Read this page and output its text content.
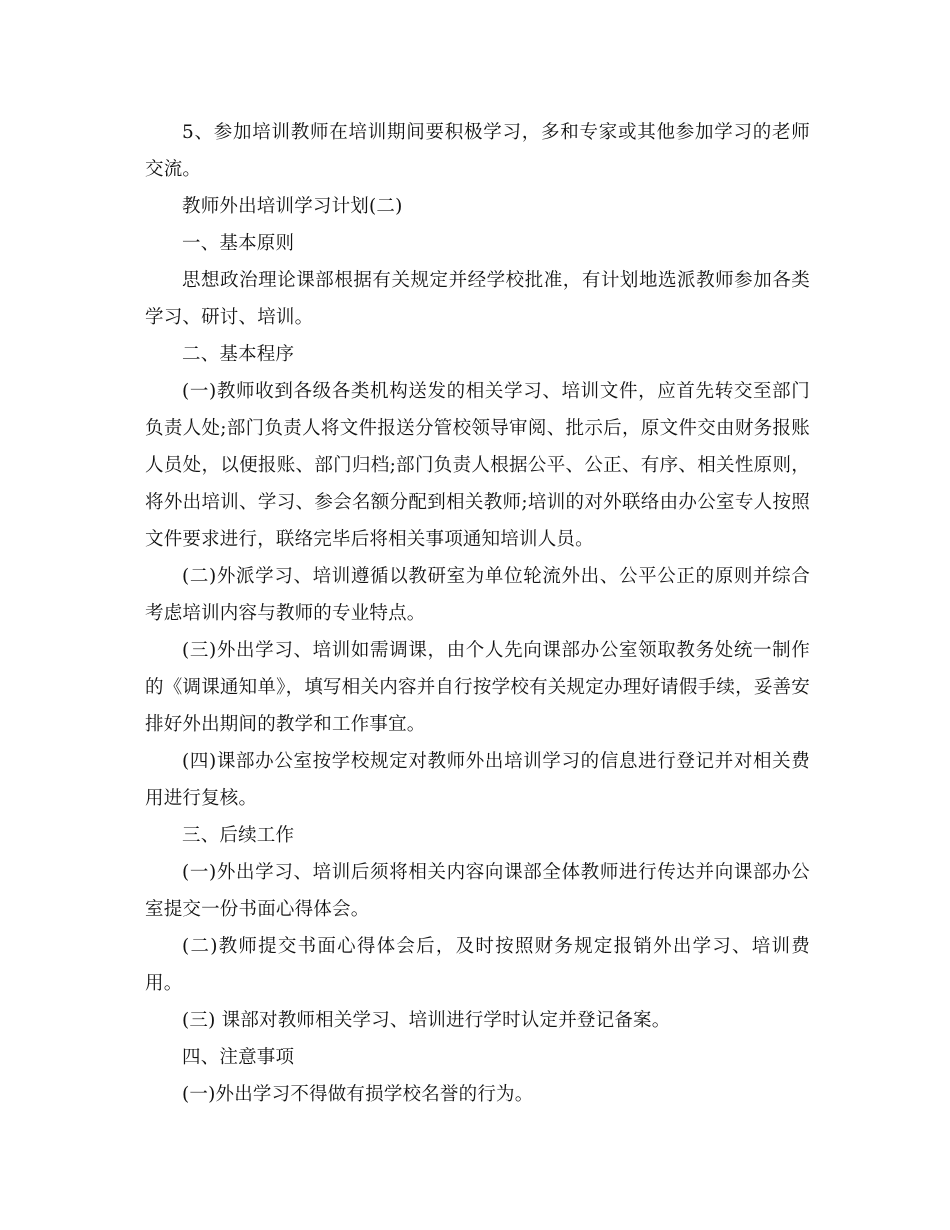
5、参加培训教师在培训期间要积极学习，多和专家或其他参加学习的老师交流。

教师外出培训学习计划(二)

一、基本原则

思想政治理论课部根据有关规定并经学校批准，有计划地选派教师参加各类学习、研讨、培训。

二、基本程序

(一)教师收到各级各类机构送发的相关学习、培训文件，应首先转交至部门负责人处;部门负责人将文件报送分管校领导审阅、批示后，原文件交由财务报账人员处，以便报账、部门归档;部门负责人根据公平、公正、有序、相关性原则，将外出培训、学习、参会名额分配到相关教师;培训的对外联络由办公室专人按照文件要求进行，联络完毕后将相关事项通知培训人员。

(二)外派学习、培训遵循以教研室为单位轮流外出、公平公正的原则并综合考虑培训内容与教师的专业特点。

(三)外出学习、培训如需调课，由个人先向课部办公室领取教务处统一制作的《调课通知单》，填写相关内容并自行按学校有关规定办理好请假手续，妥善安排好外出期间的教学和工作事宜。

(四)课部办公室按学校规定对教师外出培训学习的信息进行登记并对相关费用进行复核。

三、后续工作

(一)外出学习、培训后须将相关内容向课部全体教师进行传达并向课部办公室提交一份书面心得体会。

(二)教师提交书面心得体会后，及时按照财务规定报销外出学习、培训费用。

(三) 课部对教师相关学习、培训进行学时认定并登记备案。

四、注意事项

(一)外出学习不得做有损学校名誉的行为。
